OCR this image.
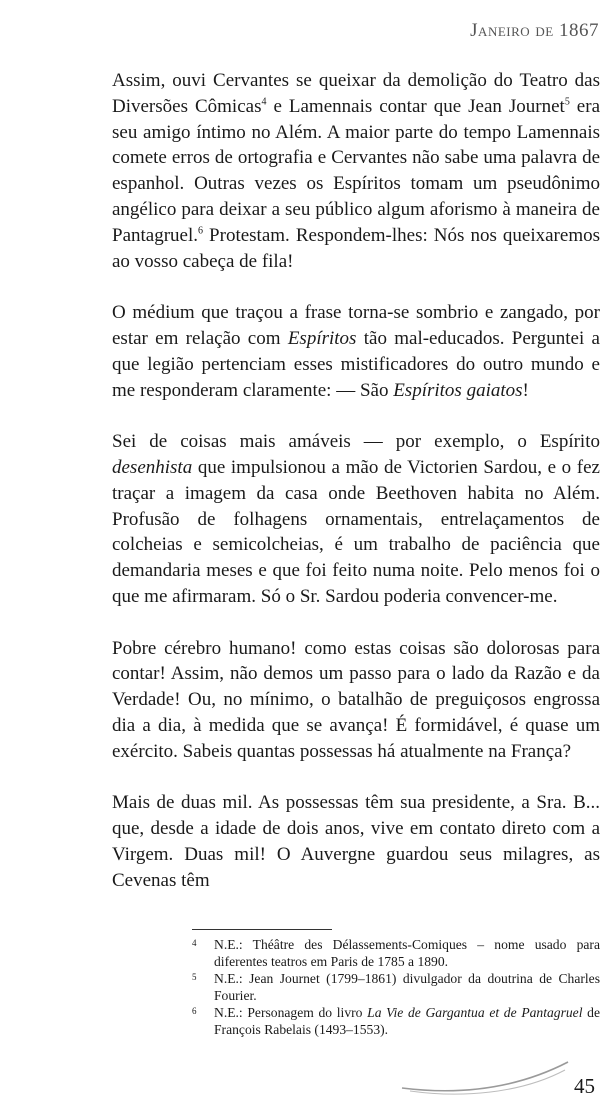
Janeiro de 1867

Assim, ouvi Cervantes se queixar da demolição do Teatro das Diversões Cômicas$^4$ e Lamennais contar que Jean Journet$^5$ era seu amigo íntimo no Além. A maior parte do tempo Lamennais comete erros de ortografia e Cervantes não sabe uma palavra de espanhol. Outras vezes os Espíritos tomam um pseudônimo angélico para deixar a seu público algum aforismo à maneira de Pantagruel.$^6$ Protestam. Respondem-lhes: Nós nos queixaremos ao vosso cabeça de fila!

O médium que traçou a frase torna-se sombrio e zangado, por estar em relação com Espíritos tão mal-educados. Perguntei a que legião pertenciam esses mistificadores do outro mundo e me responderam claramente: — São Espíritos gaiatos!

Sei de coisas mais amáveis — por exemplo, o Espírito desenhista que impulsionou a mão de Victorien Sardou, e o fez traçar a imagem da casa onde Beethoven habita no Além. Profusão de folhagens ornamentais, entrelaçamentos de colcheias e semicolcheias, é um trabalho de paciência que demandaria meses e que foi feito numa noite. Pelo menos foi o que me afirmaram. Só o Sr. Sardou poderia convencer-me.

Pobre cérebro humano! como estas coisas são dolorosas para contar! Assim, não demos um passo para o lado da Razão e da Verdade! Ou, no mínimo, o batalhão de preguiçosos engrossa dia a dia, à medida que se avança! É formidável, é quase um exército. Sabeis quantas possessas há atualmente na França?

Mais de duas mil. As possessas têm sua presidente, a Sra. B... que, desde a idade de dois anos, vive em contato direto com a Virgem. Duas mil! O Auvergne guardou seus milagres, as Cevenas têm

4	N.E.: Théâtre des Délassements-Comiques – nome usado para diferentes teatros em Paris de 1785 a 1890.
5	N.E.: Jean Journet (1799–1861) divulgador da doutrina de Charles Fourier.
6	N.E.: Personagem do livro La Vie de Gargantua et de Pantagruel de François Rabelais (1493–1553).
45
